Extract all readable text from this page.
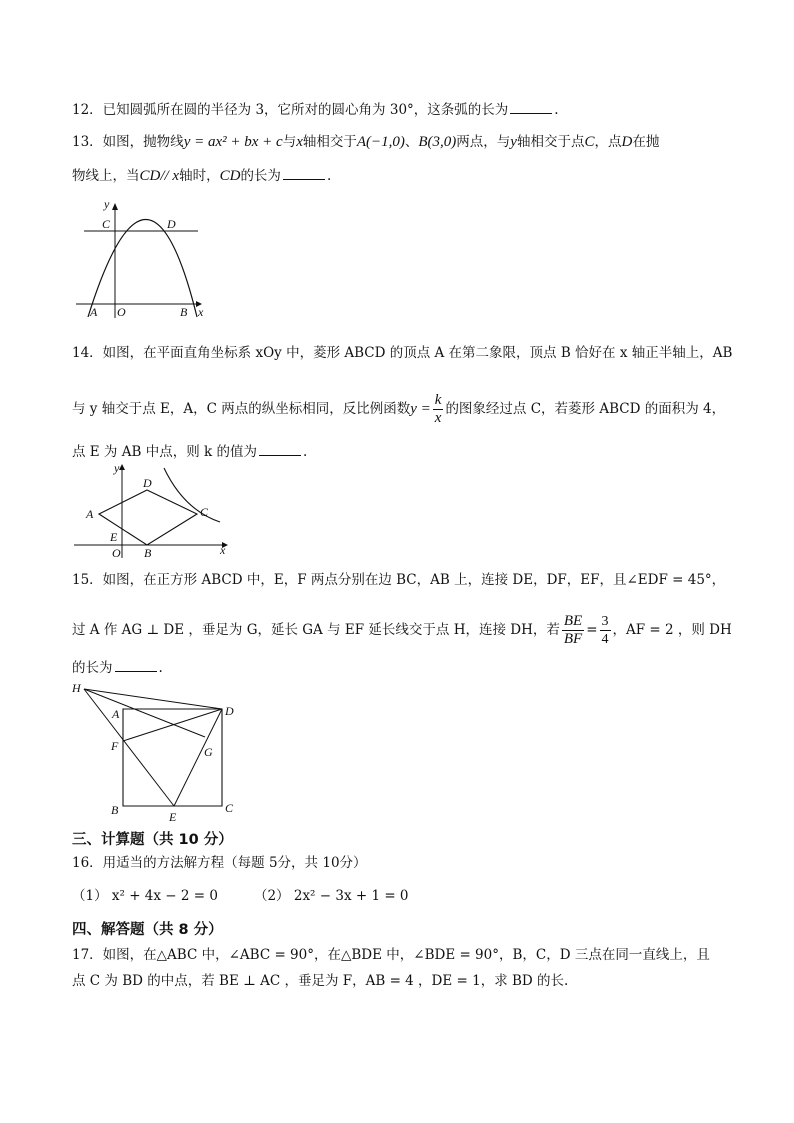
12．已知圆弧所在圆的半径为 3，它所对的圆心角为 30°，这条弧的长为	.
13．如图，抛物线y = ax² + bx + c与x轴相交于A(−1,0)、B(3,0)两点，与y轴相交于点C，点D在抛
物线上，当CD// x轴时，CD的长为	.
y
C	D
A O	B x
14．如图，在平面直角坐标系 xOy 中，菱形 ABCD 的顶点 A 在第二象限，顶点 B 恰好在 x 轴正半轴上，AB
与 y 轴交于点 E，A，C 两点的纵坐标相同，反比例函数$y = \frac{k}{x}$ 的图象经过点 C，若菱形 ABCD 的面积为 4，
点 E 为 AB 中点，则 k 的值为	.
y
D
A	C
E
O B	x
15．如图，在正方形 ABCD 中，E，F 两点分别在边 BC，AB 上，连接 DE，DF，EF，且∠EDF = 45°，
过 A 作 AG ⊥ DE ，垂足为 G，延长 GA 与 EF 延长线交于点 H，连接 DH，若 $\frac{BE}{BF} = \frac{3}{4}$ ，AF = 2 ，则 DH
的长为	.
H
A	D
F	G
B	E
C
三、计算题（共 10 分）
16．用适当的方法解方程（每题 5分，共 10分）
（1） x² + 4x − 2 = 0	（2） 2x² − 3x + 1 = 0
四、解答题（共 8 分）
17．如图，在△ABC 中，∠ABC = 90°，在△BDE 中，∠BDE = 90°，B，C，D 三点在同一直线上，且
点 C 为 BD 的中点，若 BE ⊥ AC ，垂足为 F，AB = 4 ，DE = 1，求 BD 的长.
